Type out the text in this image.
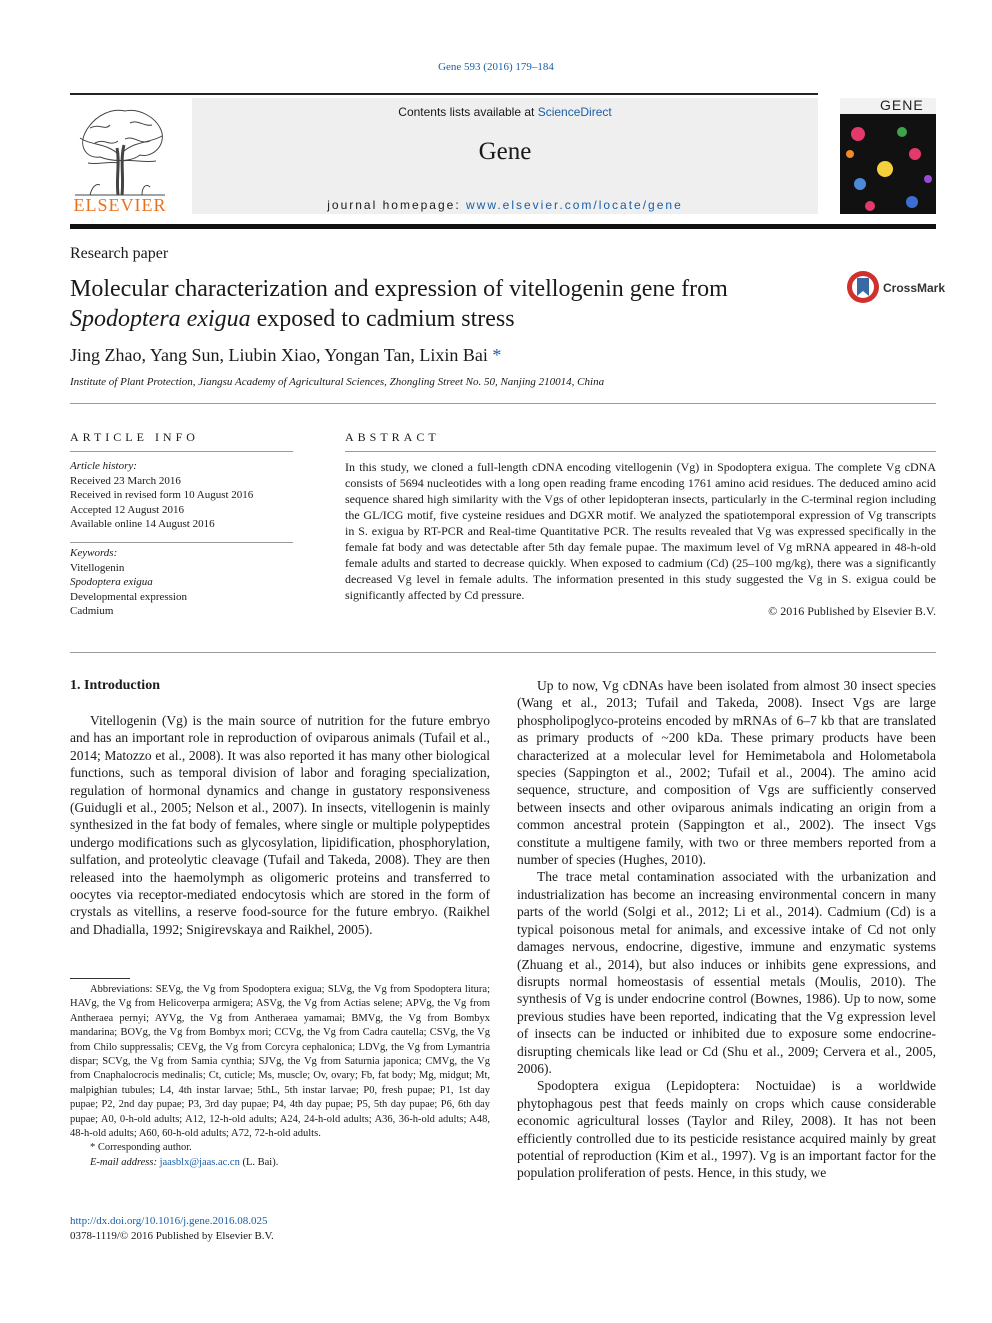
Gene 593 (2016) 179–184
Contents lists available at ScienceDirect
Gene
journal homepage: www.elsevier.com/locate/gene
ELSEVIER
GENE
Research paper
Molecular characterization and expression of vitellogenin gene from
Spodoptera exigua exposed to cadmium stress
CrossMark
Jing Zhao, Yang Sun, Liubin Xiao, Yongan Tan, Lixin Bai *
Institute of Plant Protection, Jiangsu Academy of Agricultural Sciences, Zhongling Street No. 50, Nanjing 210014, China
ARTICLE INFO
Article history:
Received 23 March 2016
Received in revised form 10 August 2016
Accepted 12 August 2016
Available online 14 August 2016
Keywords:
Vitellogenin
Spodoptera exigua
Developmental expression
Cadmium
ABSTRACT
In this study, we cloned a full-length cDNA encoding vitellogenin (Vg) in Spodoptera exigua. The complete Vg cDNA consists of 5694 nucleotides with a long open reading frame encoding 1761 amino acid residues. The deduced amino acid sequence shared high similarity with the Vgs of other lepidopteran insects, particularly in the C-terminal region including the GL/ICG motif, five cysteine residues and DGXR motif. We analyzed the spatiotemporal expression of Vg transcripts in S. exigua by RT-PCR and Real-time Quantitative PCR. The results revealed that Vg was expressed specifically in the female fat body and was detectable after 5th day female pupae. The maximum level of Vg mRNA appeared in 48-h-old female adults and started to decrease quickly. When exposed to cadmium (Cd) (25–100 mg/kg), there was a significantly decreased Vg level in female adults. The information presented in this study suggested the Vg in S. exigua could be significantly affected by Cd pressure.
© 2016 Published by Elsevier B.V.
1. Introduction

Vitellogenin (Vg) is the main source of nutrition for the future embryo and has an important role in reproduction of oviparous animals (Tufail et al., 2014; Matozzo et al., 2008). It was also reported it has many other biological functions, such as temporal division of labor and foraging specialization, regulation of hormonal dynamics and change in gustatory responsiveness (Guidugli et al., 2005; Nelson et al., 2007). In insects, vitellogenin is mainly synthesized in the fat body of females, where single or multiple polypeptides undergo modifications such as glycosylation, lipidification, phosphorylation, sulfation, and proteolytic cleavage (Tufail and Takeda, 2008). They are then released into the haemolymph as oligomeric proteins and transferred to oocytes via receptor-mediated endocytosis which are stored in the form of crystals as vitellins, a reserve food-source for the future embryo. (Raikhel and Dhadialla, 1992; Snigirevskaya and Raikhel, 2005).

Abbreviations: SEVg, the Vg from Spodoptera exigua; SLVg, the Vg from Spodoptera litura; HAVg, the Vg from Helicoverpa armigera; ASVg, the Vg from Actias selene; APVg, the Vg from Antheraea pernyi; AYVg, the Vg from Antheraea yamamai; BMVg, the Vg from Bombyx mandarina; BOVg, the Vg from Bombyx mori; CCVg, the Vg from Cadra cautella; CSVg, the Vg from Chilo suppressalis; CEVg, the Vg from Corcyra cephalonica; LDVg, the Vg from Lymantria dispar; SCVg, the Vg from Samia cynthia; SJVg, the Vg from Saturnia japonica; CMVg, the Vg from Cnaphalocrocis medinalis; Ct, cuticle; Ms, muscle; Ov, ovary; Fb, fat body; Mg, midgut; Mt, malpighian tubules; L4, 4th instar larvae; 5thL, 5th instar larvae; P0, fresh pupae; P1, 1st day pupae; P2, 2nd day pupae; P3, 3rd day pupae; P4, 4th day pupae; P5, 5th day pupae; P6, 6th day pupae; A0, 0-h-old adults; A12, 12-h-old adults; A24, 24-h-old adults; A36, 36-h-old adults; A48, 48-h-old adults; A60, 60-h-old adults; A72, 72-h-old adults.

* Corresponding author.

E-mail address: jaasblx@jaas.ac.cn (L. Bai).

http://dx.doi.org/10.1016/j.gene.2016.08.025
0378-1119/© 2016 Published by Elsevier B.V.

Up to now, Vg cDNAs have been isolated from almost 30 insect species (Wang et al., 2013; Tufail and Takeda, 2008). Insect Vgs are large phospholipoglyco-proteins encoded by mRNAs of 6–7 kb that are translated as primary products of ~200 kDa. These primary products have been characterized at a molecular level for Hemimetabola and Holometabola species (Sappington et al., 2002; Tufail et al., 2004). The amino acid sequence, structure, and composition of Vgs are sufficiently conserved between insects and other oviparous animals indicating an origin from a common ancestral protein (Sappington et al., 2002). The insect Vgs constitute a multigene family, with two or three members reported from a number of species (Hughes, 2010).

The trace metal contamination associated with the urbanization and industrialization has become an increasing environmental concern in many parts of the world (Solgi et al., 2012; Li et al., 2014). Cadmium (Cd) is a typical poisonous metal for animals, and excessive intake of Cd not only damages nervous, endocrine, digestive, immune and enzymatic systems (Zhuang et al., 2014), but also induces or inhibits gene expressions, and disrupts normal homeostasis of essential metals (Moulis, 2010). The synthesis of Vg is under endocrine control (Bownes, 1986). Up to now, some previous studies have been reported, indicating that the Vg expression level of insects can be inducted or inhibited due to exposure some endocrine-disrupting chemicals like lead or Cd (Shu et al., 2009; Cervera et al., 2005, 2006).

Spodoptera exigua (Lepidoptera: Noctuidae) is a worldwide phytophagous pest that feeds mainly on crops which cause considerable economic agricultural losses (Taylor and Riley, 2008). It has not been efficiently controlled due to its pesticide resistance acquired mainly by great potential of reproduction (Kim et al., 1997). Vg is an important factor for the population proliferation of pests. Hence, in this study, we
